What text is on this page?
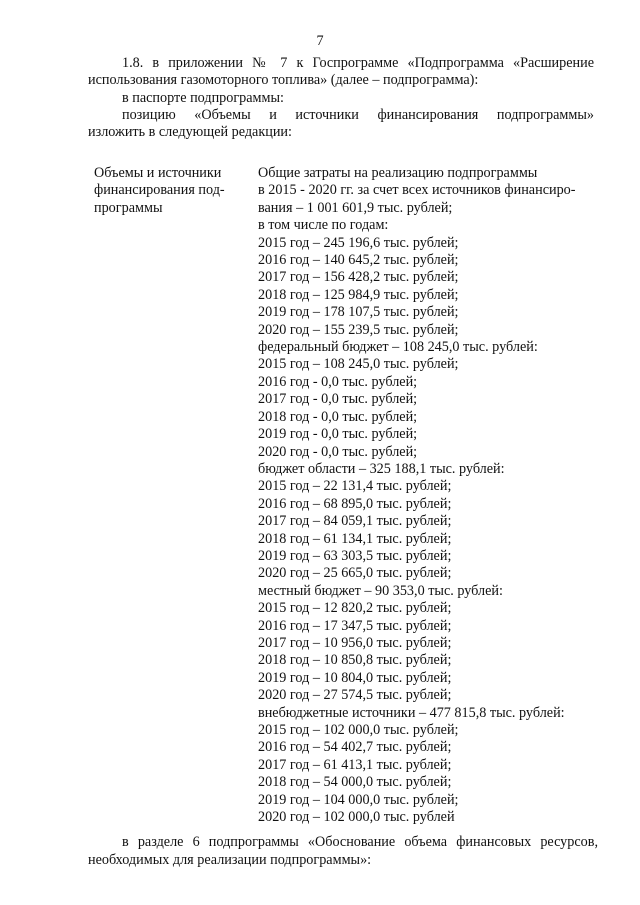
7

1.8. в приложении № 7 к Госпрограмме «Подпрограмма «Расширение

использования газомоторного топлива» (далее – подпрограмма):

в паспорте подпрограммы:

позицию «Объемы и источники финансирования подпрограммы»

изложить в следующей редакции:

Объемы и источники
финансирования под-
программы
Общие затраты на реализацию подпрограммы
в 2015 - 2020 гг. за счет всех источников финансиро-
вания – 1 001 601,9 тыс. рублей;
в том числе по годам:
2015 год – 245 196,6 тыс. рублей;
2016 год – 140 645,2 тыс. рублей;
2017 год – 156 428,2 тыс. рублей;
2018 год – 125 984,9 тыс. рублей;
2019 год – 178 107,5 тыс. рублей;
2020 год – 155 239,5 тыс. рублей;
федеральный бюджет – 108 245,0 тыс. рублей:
2015 год – 108 245,0 тыс. рублей;
2016 год - 0,0 тыс. рублей;
2017 год - 0,0 тыс. рублей;
2018 год - 0,0 тыс. рублей;
2019 год - 0,0 тыс. рублей;
2020 год - 0,0 тыс. рублей;
бюджет области – 325 188,1 тыс. рублей:
2015 год – 22 131,4 тыс. рублей;
2016 год – 68 895,0 тыс. рублей;
2017 год – 84 059,1 тыс. рублей;
2018 год – 61 134,1 тыс. рублей;
2019 год – 63 303,5 тыс. рублей;
2020 год – 25 665,0 тыс. рублей;
местный бюджет – 90 353,0 тыс. рублей:
2015 год – 12 820,2 тыс. рублей;
2016 год – 17 347,5 тыс. рублей;
2017 год – 10 956,0 тыс. рублей;
2018 год – 10 850,8 тыс. рублей;
2019 год – 10 804,0 тыс. рублей;
2020 год – 27 574,5 тыс. рублей;
внебюджетные источники – 477 815,8 тыс. рублей:
2015 год – 102 000,0 тыс. рублей;
2016 год – 54 402,7 тыс. рублей;
2017 год – 61 413,1 тыс. рублей;
2018 год – 54 000,0 тыс. рублей;
2019 год – 104 000,0 тыс. рублей;
2020 год – 102 000,0 тыс. рублей

в разделе 6 подпрограммы «Обоснование объема финансовых ресурсов,

необходимых для реализации подпрограммы»:
